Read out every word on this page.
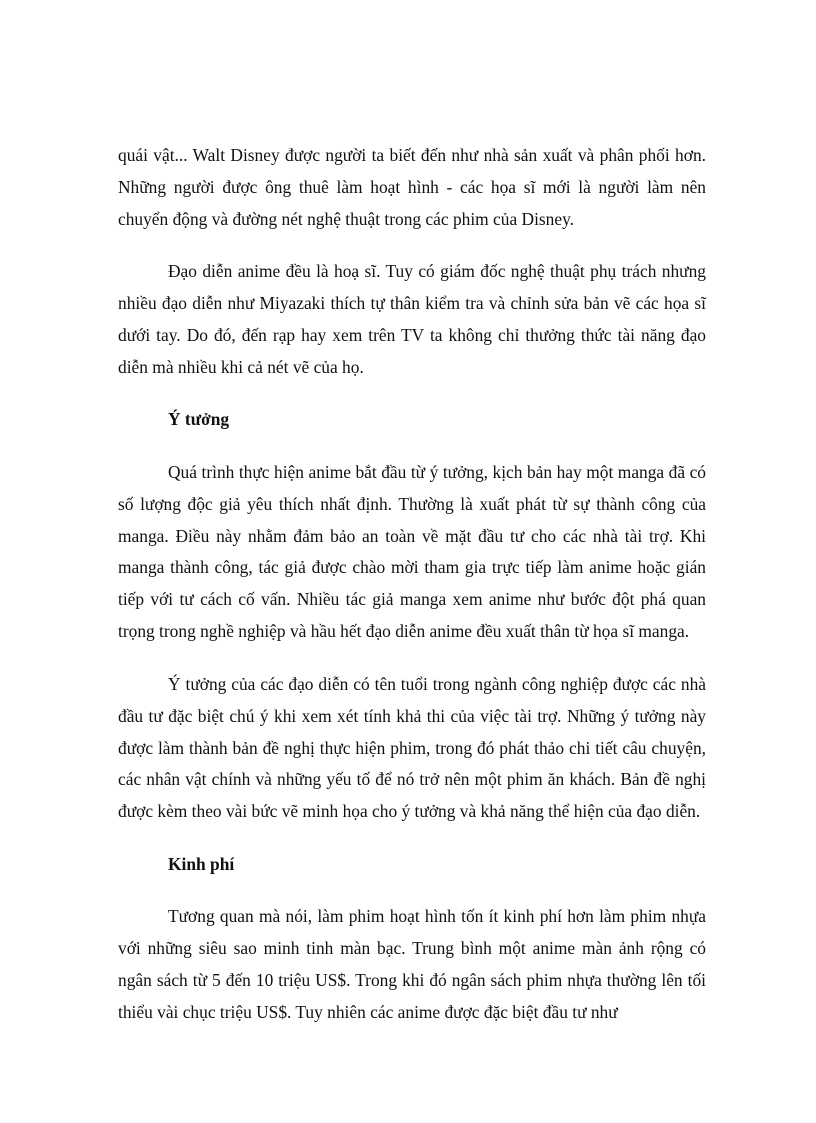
quái vật... Walt Disney được người ta biết đến như nhà sản xuất và phân phối hơn. Những người được ông thuê làm hoạt hình - các họa sĩ mới là người làm nên chuyển động và đường nét nghệ thuật trong các phim của Disney.

Đạo diễn anime đều là hoạ sĩ. Tuy có giám đốc nghệ thuật phụ trách nhưng nhiều đạo diễn như Miyazaki thích tự thân kiểm tra và chỉnh sửa bản vẽ các họa sĩ dưới tay. Do đó, đến rạp hay xem trên TV ta không chỉ thưởng thức tài năng đạo diễn mà nhiều khi cả nét vẽ của họ.

Ý tưởng

Quá trình thực hiện anime bắt đầu từ ý tưởng, kịch bản hay một manga đã có số lượng độc giả yêu thích nhất định. Thường là xuất phát từ sự thành công của manga. Điều này nhằm đảm bảo an toàn về mặt đầu tư cho các nhà tài trợ. Khi manga thành công, tác giả được chào mời tham gia trực tiếp làm anime hoặc gián tiếp với tư cách cố vấn. Nhiều tác giả manga xem anime như bước đột phá quan trọng trong nghề nghiệp và hầu hết đạo diễn anime đều xuất thân từ họa sĩ manga.

Ý tưởng của các đạo diễn có tên tuổi trong ngành công nghiệp được các nhà đầu tư đặc biệt chú ý khi xem xét tính khả thi của việc tài trợ. Những ý tưởng này được làm thành bản đề nghị thực hiện phim, trong đó phát thảo chi tiết câu chuyện, các nhân vật chính và những yếu tố để nó trở nên một phim ăn khách. Bản đề nghị được kèm theo vài bức vẽ minh họa cho ý tưởng và khả năng thể hiện của đạo diễn.

Kinh phí

Tương quan mà nói, làm phim hoạt hình tốn ít kinh phí hơn làm phim nhựa với những siêu sao minh tinh màn bạc. Trung bình một anime màn ảnh rộng có ngân sách từ 5 đến 10 triệu US$. Trong khi đó ngân sách phim nhựa thường lên tối thiểu vài chục triệu US$. Tuy nhiên các anime được đặc biệt đầu tư như
